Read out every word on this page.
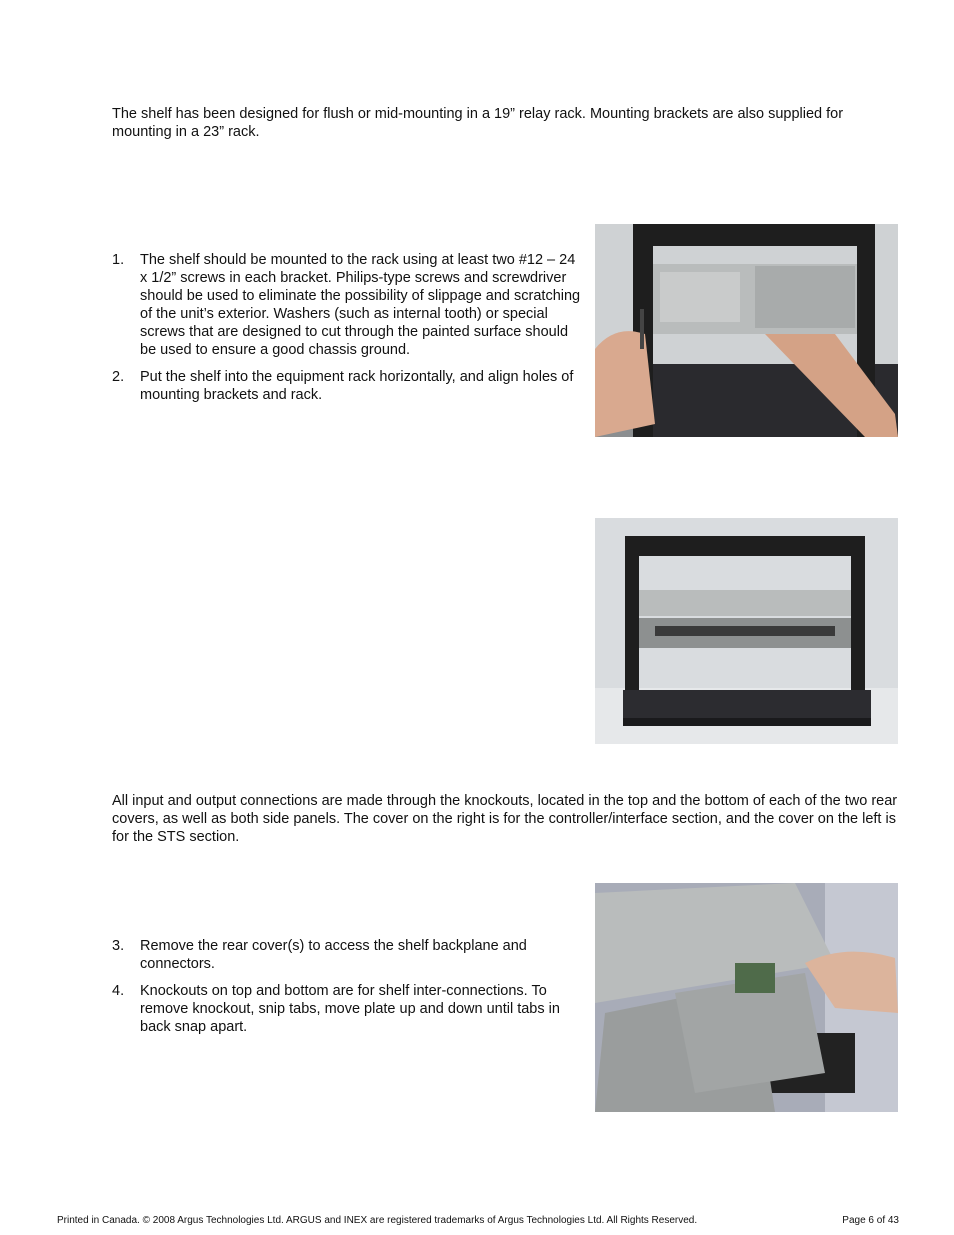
The shelf has been designed for flush or mid-mounting in a 19” relay rack. Mounting brackets are also supplied for mounting in a 23” rack.

1. The shelf should be mounted to the rack using at least two #12 – 24 x 1/2” screws in each bracket. Philips-type screws and screwdriver should be used to eliminate the possibility of slippage and scratching of the unit’s exterior. Washers (such as internal tooth) or special screws that are designed to cut through the painted surface should be used to ensure a good chassis ground.
2. Put the shelf into the equipment rack horizontally, and align holes of mounting brackets and rack.

All input and output connections are made through the knockouts, located in the top and the bottom of each of the two rear covers, as well as both side panels. The cover on the right is for the controller/interface section, and the cover on the left is for the STS section.

3. Remove the rear cover(s) to access the shelf backplane and connectors.
4. Knockouts on top and bottom are for shelf inter-connections. To remove knockout, snip tabs, move plate up and down until tabs in back snap apart.
Printed in Canada. © 2008 Argus Technologies Ltd. ARGUS and INEX are registered trademarks of Argus Technologies Ltd. All Rights Reserved.	Page 6 of 43
